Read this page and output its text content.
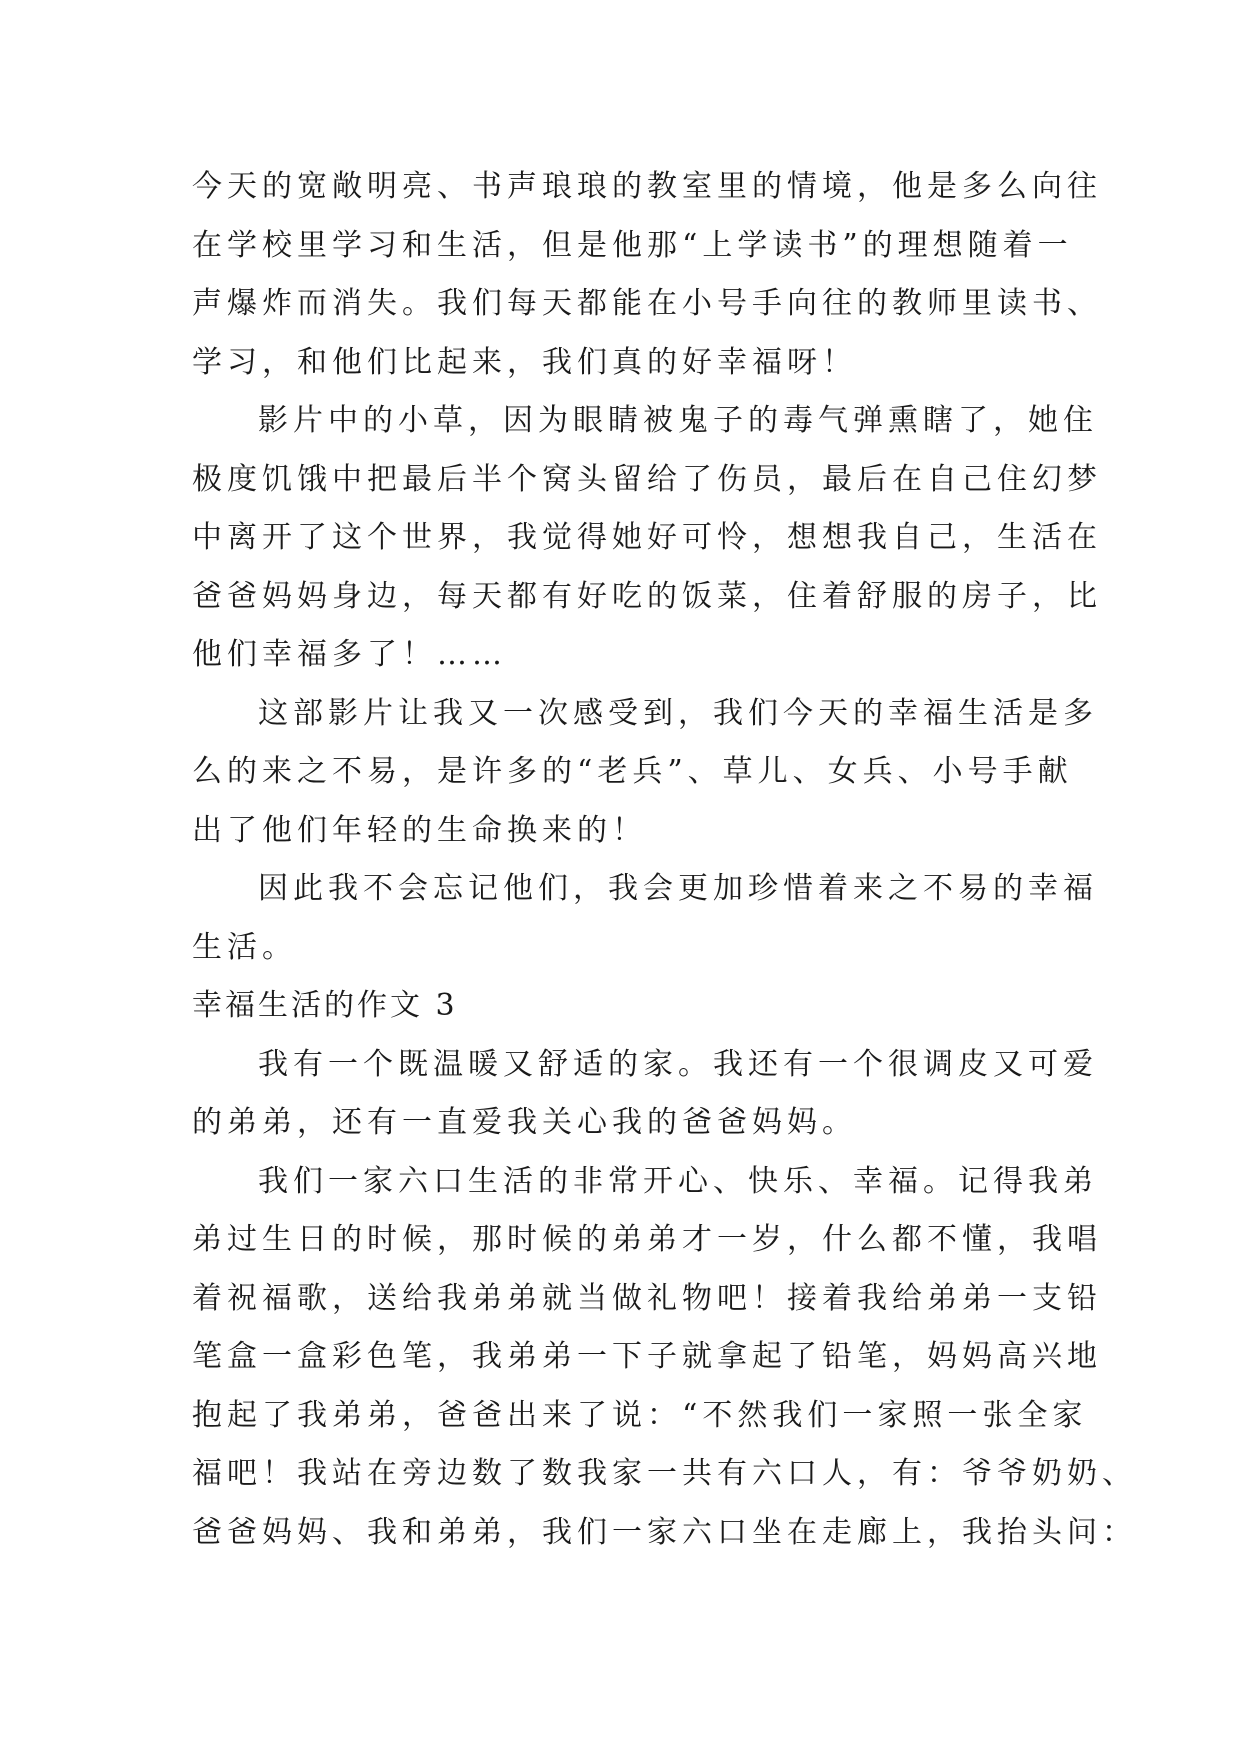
今天的宽敞明亮、书声琅琅的教室里的情境，他是多么向往
在学校里学习和生活，但是他那“上学读书”的理想随着一
声爆炸而消失。我们每天都能在小号手向往的教师里读书、
学习，和他们比起来，我们真的好幸福呀！
影片中的小草，因为眼睛被鬼子的毒气弹熏瞎了，她住
极度饥饿中把最后半个窝头留给了伤员，最后在自己住幻梦
中离开了这个世界，我觉得她好可怜，想想我自己，生活在
爸爸妈妈身边，每天都有好吃的饭菜，住着舒服的房子，比
他们幸福多了！……
这部影片让我又一次感受到，我们今天的幸福生活是多
么的来之不易，是许多的“老兵”、草儿、女兵、小号手献
出了他们年轻的生命换来的！
因此我不会忘记他们，我会更加珍惜着来之不易的幸福
生活。
幸福生活的作文 3
我有一个既温暖又舒适的家。我还有一个很调皮又可爱
的弟弟，还有一直爱我关心我的爸爸妈妈。
我们一家六口生活的非常开心、快乐、幸福。记得我弟
弟过生日的时候，那时候的弟弟才一岁，什么都不懂，我唱
着祝福歌，送给我弟弟就当做礼物吧！接着我给弟弟一支铅
笔盒一盒彩色笔，我弟弟一下子就拿起了铅笔，妈妈高兴地
抱起了我弟弟，爸爸出来了说：“不然我们一家照一张全家
福吧！我站在旁边数了数我家一共有六口人，有：爷爷奶奶、
爸爸妈妈、我和弟弟，我们一家六口坐在走廊上，我抬头问：
